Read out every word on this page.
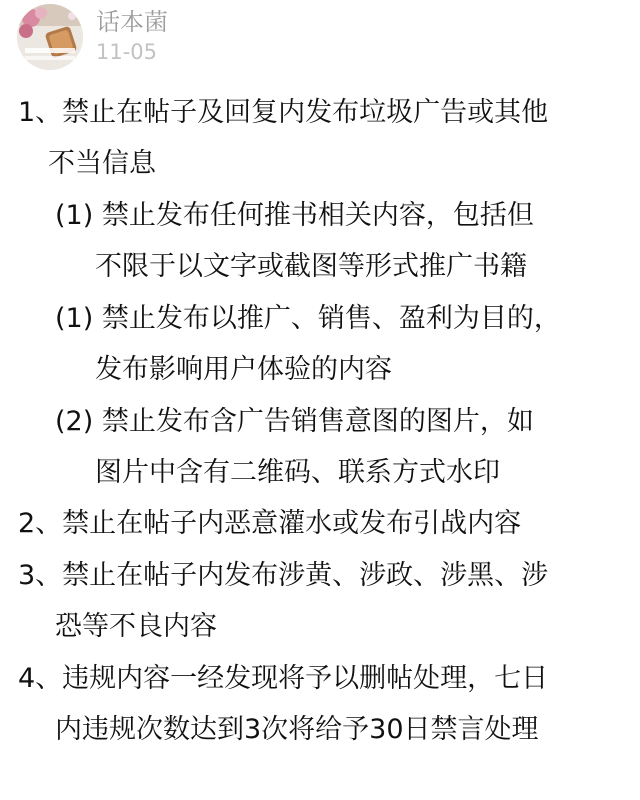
话本菌
11-05
1、禁止在帖子及回复内发布垃圾广告或其他
不当信息
(1) 禁止发布任何推书相关内容，包括但
不限于以文字或截图等形式推广书籍
(1) 禁止发布以推广、销售、盈利为目的，
发布影响用户体验的内容
(2) 禁止发布含广告销售意图的图片，如
图片中含有二维码、联系方式水印
2、禁止在帖子内恶意灌水或发布引战内容
3、禁止在帖子内发布涉黄、涉政、涉黑、涉
恐等不良内容
4、违规内容一经发现将予以删帖处理，七日
内违规次数达到3次将给予30日禁言处理
